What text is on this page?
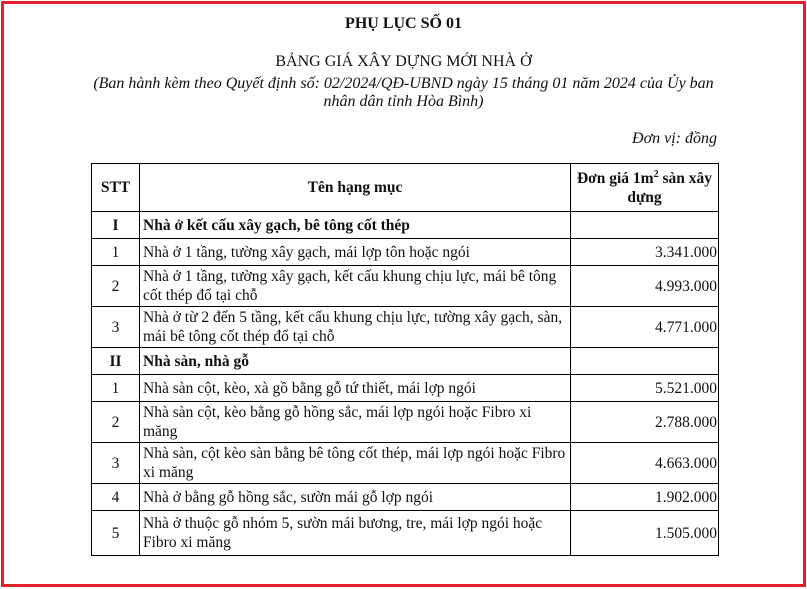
PHỤ LỤC SỐ 01
BẢNG GIÁ XÂY DỰNG MỚI NHÀ Ở
(Ban hành kèm theo Quyết định số: 02/2024/QĐ-UBND ngày 15 tháng 01 năm 2024 của Ủy ban
nhân dân tỉnh Hòa Bình)
Đơn vị: đồng
STT	Tên hạng mục	Đơn giá $1m^2$ sàn xây dựng
I	Nhà ở kết cấu xây gạch, bê tông cốt thép	
1	Nhà ở 1 tầng, tường xây gạch, mái lợp tôn hoặc ngói	3.341.000
2	Nhà ở 1 tầng, tường xây gạch, kết cấu khung chịu lực, mái bê tông cốt thép đổ tại chỗ	4.993.000
3	Nhà ở từ 2 đến 5 tầng, kết cấu khung chịu lực, tường xây gạch, sàn, mái bê tông cốt thép đổ tại chỗ	4.771.000
II	Nhà sàn, nhà gỗ	
1	Nhà sàn cột, kèo, xà gồ bằng gỗ tứ thiết, mái lợp ngói	5.521.000
2	Nhà sàn cột, kèo bằng gỗ hồng sắc, mái lợp ngói hoặc Fibro xi măng	2.788.000
3	Nhà sàn, cột kèo sàn bằng bê tông cốt thép, mái lợp ngói hoặc Fibro xi măng	4.663.000
4	Nhà ở bằng gỗ hồng sắc, sườn mái gỗ lợp ngói	1.902.000
5	Nhà ở thuộc gỗ nhóm 5, sườn mái bương, tre, mái lợp ngói hoặc Fibro xi măng	1.505.000
